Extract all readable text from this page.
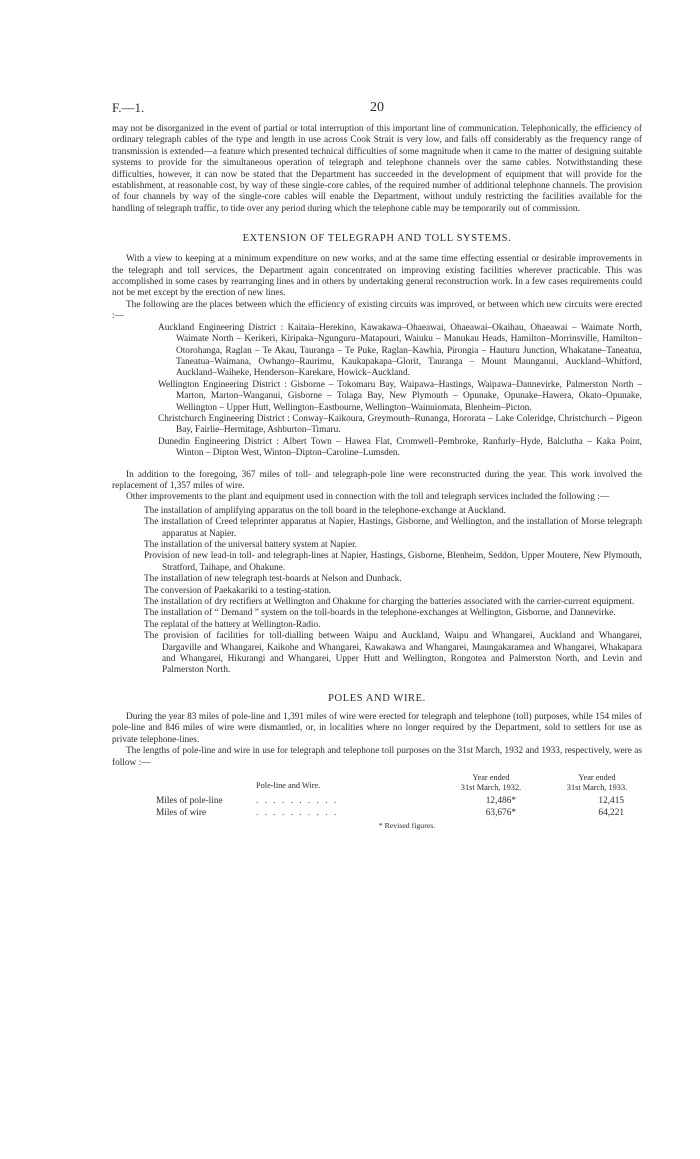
F.—1.	20

may not be disorganized in the event of partial or total interruption of this important line of communication. Telephonically, the efficiency of ordinary telegraph cables of the type and length in use across Cook Strait is very low, and falls off considerably as the frequency range of transmission is extended—a feature which presented technical difficulties of some magnitude when it came to the matter of designing suitable systems to provide for the simultaneous operation of telegraph and telephone channels over the same cables. Notwithstanding these difficulties, however, it can now be stated that the Department has succeeded in the development of equipment that will provide for the establishment, at reasonable cost, by way of these single-core cables, of the required number of additional telephone channels. The provision of four channels by way of the single-core cables will enable the Department, without unduly restricting the facilities available for the handling of telegraph traffic, to tide over any period during which the telephone cable may be temporarily out of commission.

EXTENSION OF TELEGRAPH AND TOLL SYSTEMS.

With a view to keeping at a minimum expenditure on new works, and at the same time effecting essential or desirable improvements in the telegraph and toll services, the Department again concentrated on improving existing facilities wherever practicable. This was accomplished in some cases by rearranging lines and in others by undertaking general reconstruction work. In a few cases requirements could not be met except by the erection of new lines.

The following are the places between which the efficiency of existing circuits was improved, or between which new circuits were erected :—

Auckland Engineering District : Kaitaia–Herekino, Kawakawa–Ohaeawai, Ohaeawai–Okaihau, Ohaeawai – Waimate North, Waimate North – Kerikeri, Kiripaka–Ngunguru–Matapouri, Waiuku – Manukau Heads, Hamilton–Morrinsville, Hamilton–Otorohanga, Raglan – Te Akau, Tauranga – Te Puke, Raglan–Kawhia, Pirongia – Hauturu Junction, Whakatane–Taneatua, Taneatua–Waimana, Owhango–Raurimu, Kaukapakapa–Glorit, Tauranga – Mount Maunganui, Auckland–Whitford, Auckland–Waiheke, Henderson–Karekare, Howick–Auckland.
Wellington Engineering District : Gisborne – Tokomaru Bay, Waipawa–Hastings, Waipawa–Dannevirke, Palmerston North – Marton, Marton–Wanganui, Gisborne – Tolaga Bay, New Plymouth – Opunake, Opunake–Hawera, Okato–Opunake, Wellington – Upper Hutt, Wellington–Eastbourne, Wellington–Wainuiomata, Blenheim–Picton.
Christchurch Engineering District : Conway–Kaikoura, Greymouth–Runanga, Hororata – Lake Coleridge, Christchurch – Pigeon Bay, Fairlie–Hermitage, Ashburton–Timaru.
Dunedin Engineering District : Albert Town – Hawea Flat, Cromwell–Pembroke, Ranfurly–Hyde, Balclutha – Kaka Point, Winton – Dipton West, Winton–Dipton–Caroline–Lumsden.

In addition to the foregoing, 367 miles of toll- and telegraph-pole line were reconstructed during the year. This work involved the replacement of 1,357 miles of wire.

Other improvements to the plant and equipment used in connection with the toll and telegraph services included the following :—

The installation of amplifying apparatus on the toll board in the telephone-exchange at Auckland.
The installation of Creed teleprinter apparatus at Napier, Hastings, Gisborne, and Wellington, and the installation of Morse telegraph apparatus at Napier.
The installation of the universal battery system at Napier.
Provision of new lead-in toll- and telegraph-lines at Napier, Hastings, Gisborne, Blenheim, Seddon, Upper Moutere, New Plymouth, Stratford, Taihape, and Ohakune.
The installation of new telegraph test-boards at Nelson and Dunback.
The conversion of Paekakariki to a testing-station.
The installation of dry rectifiers at Wellington and Ohakune for charging the batteries associated with the carrier-current equipment.
The installation of “ Demand ” system on the toll-boards in the telephone-exchanges at Wellington, Gisborne, and Dannevirke.
The replatal of the battery at Wellington-Radio.
The provision of facilities for toll-dialling between Waipu and Auckland, Waipu and Whangarei, Auckland and Whangarei, Dargaville and Whangarei, Kaikohe and Whangarei, Kawakawa and Whangarei, Maungakaramea and Whangarei, Whakapara and Whangarei, Hikurangi and Whangarei, Upper Hutt and Wellington, Rongotea and Palmerston North, and Levin and Palmerston North.
POLES AND WIRE.

During the year 83 miles of pole-line and 1,391 miles of wire were erected for telegraph and telephone (toll) purposes, while 154 miles of pole-line and 846 miles of wire were dismantled, or, in localities where no longer required by the Department, sold to settlers for use as private telephone-lines.

The lengths of pole-line and wire in use for telegraph and telephone toll purposes on the 31st March, 1932 and 1933, respectively, were as follow :—

Pole-line and Wire.
Year ended
31st March, 1932.
Year ended
31st March, 1933.
Miles of pole-line	. . . . . . . . . .	12,486*	12,415
Miles of wire	. . . . . . . . . .	63,676*	64,221
* Revised figures.
